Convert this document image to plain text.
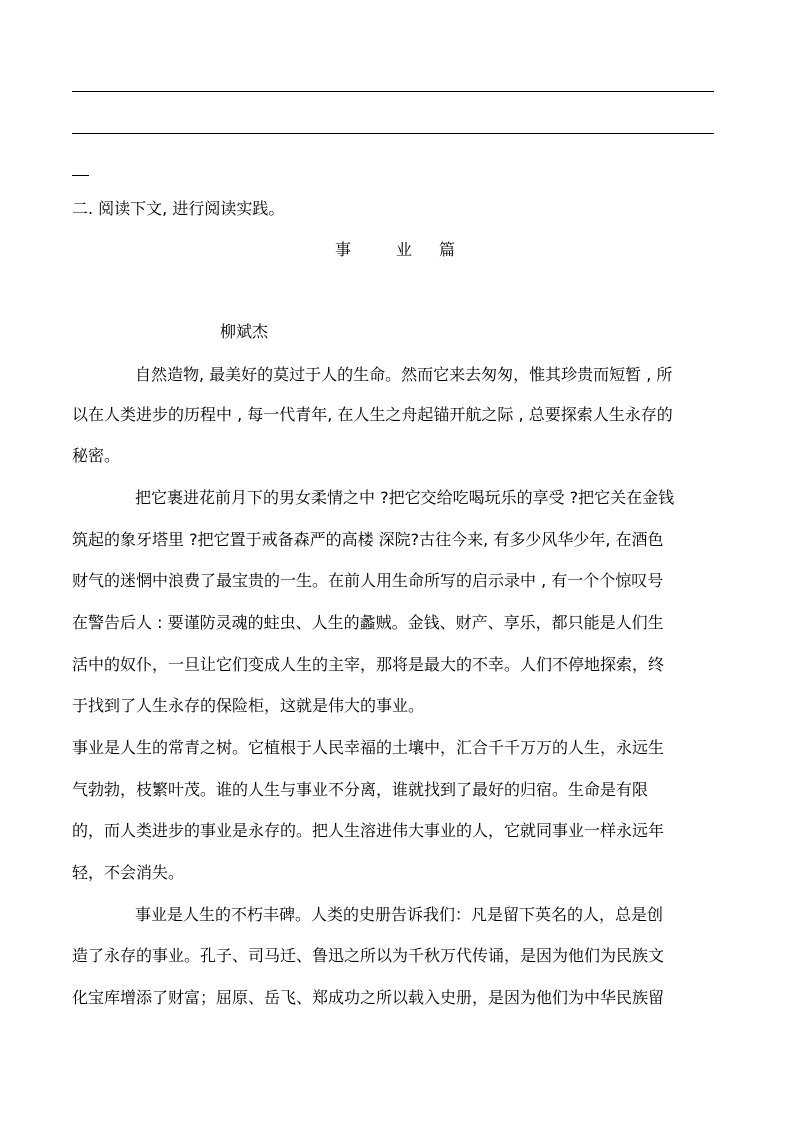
二. 阅读下文, 进行阅读实践。
事	业 篇
柳斌杰
自然造物, 最美好的莫过于人的生命。然而它来去匆匆，惟其珍贵而短暂 , 所
以在人类进步的历程中 , 每一代青年, 在人生之舟起锚开航之际 , 总要探索人生永存的
秘密。
把它裹进花前月下的男女柔情之中 ?把它交给吃喝玩乐的享受 ?把它关在金钱
筑起的象牙塔里 ?把它置于戒备森严的高楼 深院?古往今来, 有多少风华少年, 在酒色
财气的迷惘中浪费了最宝贵的一生。在前人用生命所写的启示录中 , 有一个个惊叹号
在警告后人 : 要谨防灵魂的蛀虫、人生的蠡贼。金钱、财产、享乐，都只能是人们生
活中的奴仆，一旦让它们变成人生的主宰，那将是最大的不幸。人们不停地探索，终
于找到了人生永存的保险柜，这就是伟大的事业。
事业是人生的常青之树。它植根于人民幸福的土壤中，汇合千千万万的人生，永远生
气勃勃，枝繁叶茂。谁的人生与事业不分离，谁就找到了最好的归宿。生命是有限
的，而人类进步的事业是永存的。把人生溶进伟大事业的人，它就同事业一样永远年
轻，不会消失。
事业是人生的不朽丰碑。人类的史册告诉我们：凡是留下英名的人，总是创
造了永存的事业。孔子、司马迁、鲁迅之所以为千秋万代传诵，是因为他们为民族文
化宝库增添了财富；屈原、岳飞、郑成功之所以载入史册，是因为他们为中华民族留
